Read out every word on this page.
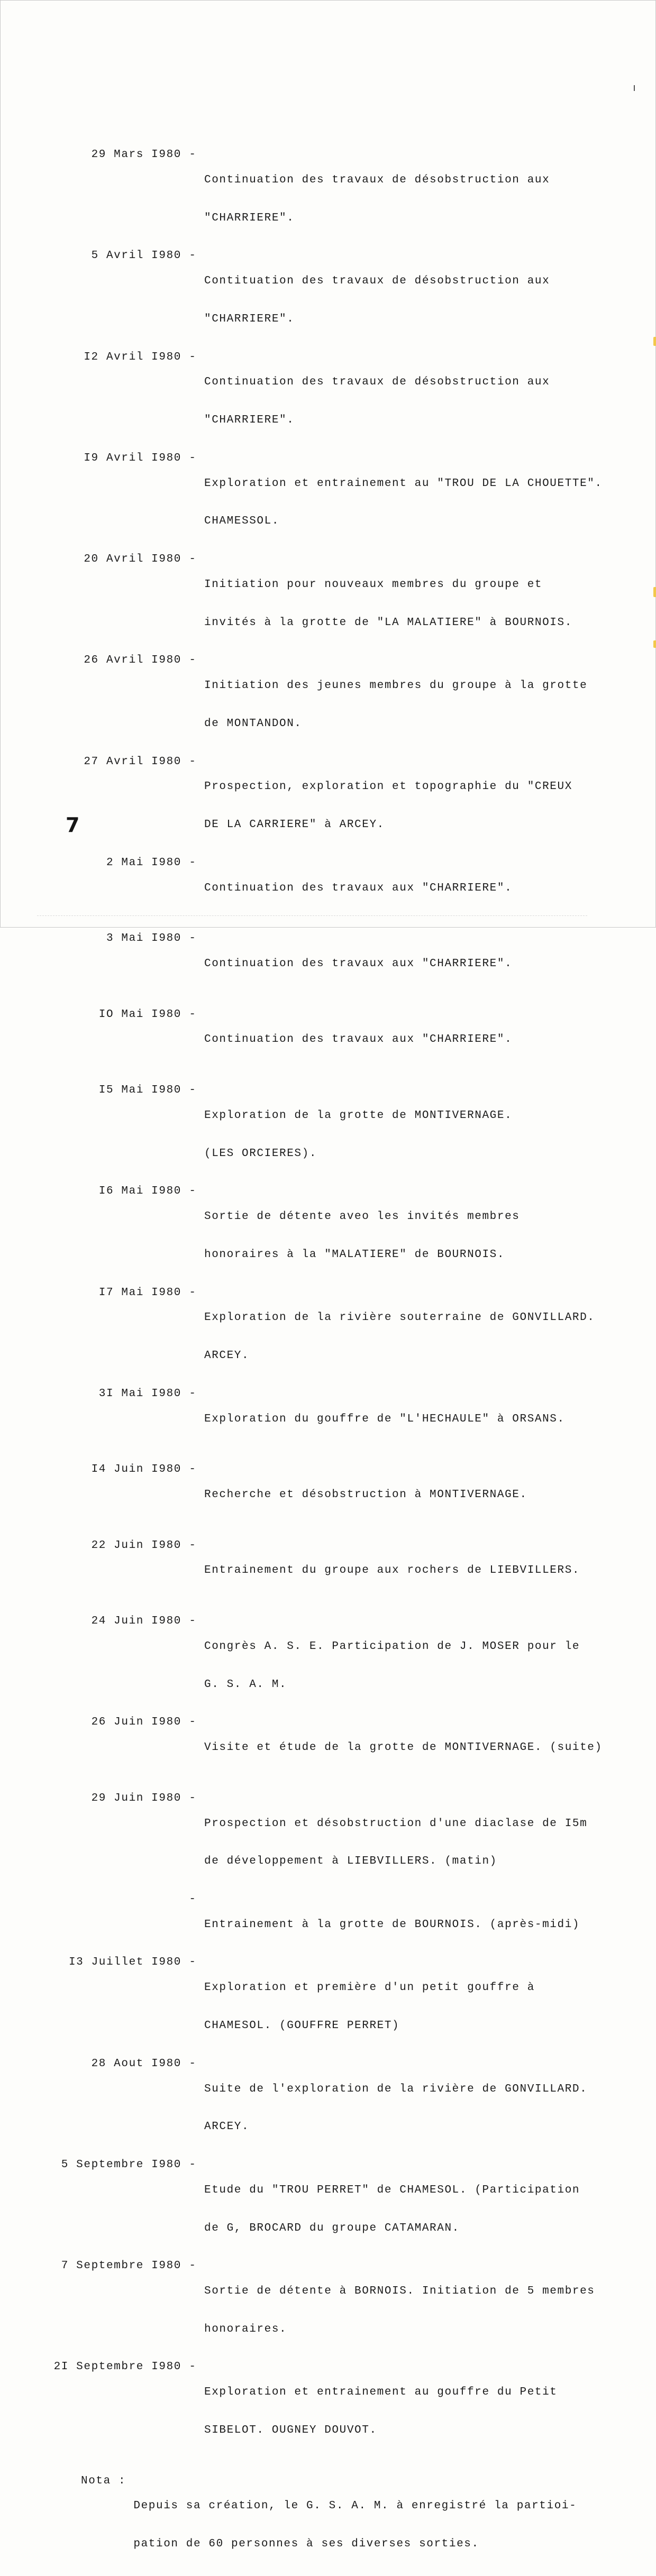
29 Mars I980 -

Continuation des travaux de désobstruction aux

"CHARRIERE".

5 Avril I980 -

Contituation des travaux de désobstruction aux

"CHARRIERE".

I2 Avril I980 -

Continuation des travaux de désobstruction aux

"CHARRIERE".

I9 Avril I980 -

Exploration et entrainement au "TROU DE LA CHOUETTE".

CHAMESSOL.

20 Avril I980 -

Initiation pour nouveaux membres du groupe et

invités à la grotte de "LA MALATIERE" à BOURNOIS.

26 Avril I980 -

Initiation des jeunes membres du groupe à la grotte

de MONTANDON.

27 Avril I980 -

Prospection, exploration et topographie du "CREUX

DE LA CARRIERE" à ARCEY.

2 Mai I980 -

Continuation des travaux aux "CHARRIERE".

3 Mai I980 -

Continuation des travaux aux "CHARRIERE".

IO Mai I980 -

Continuation des travaux aux "CHARRIERE".

I5 Mai I980 -

Exploration de la grotte de MONTIVERNAGE.

(LES ORCIERES).

I6 Mai I980 -

Sortie de détente aveo les invités membres

honoraires à la "MALATIERE" de BOURNOIS.

I7 Mai I980 -

Exploration de la rivière souterraine de GONVILLARD.

ARCEY.

3I Mai I980 -

Exploration du gouffre de "L'HECHAULE" à ORSANS.

I4 Juin I980 -

Recherche et désobstruction à MONTIVERNAGE.

22 Juin I980 -

Entrainement du groupe aux rochers de LIEBVILLERS.

24 Juin I980 -

Congrès A. S. E. Participation de J. MOSER pour le

G. S. A. M.

26 Juin I980 -

Visite et étude de la grotte de MONTIVERNAGE. (suite)

29 Juin I980 -

Prospection et désobstruction d'une diaclase de I5m

de développement à LIEBVILLERS. (matin)

-

Entrainement à la grotte de BOURNOIS. (après-midi)

I3 Juillet I980 -

Exploration et première d'un petit gouffre à

CHAMESOL. (GOUFFRE PERRET)

28 Aout I980 -

Suite de l'exploration de la rivière de GONVILLARD.

ARCEY.

5 Septembre I980 -

Etude du "TROU PERRET" de CHAMESOL. (Participation

de G, BROCARD du groupe CATAMARAN.

7 Septembre I980 -

Sortie de détente à BORNOIS. Initiation de 5 membres

honoraires.

2I Septembre I980 -

Exploration et entrainement au gouffre du Petit

SIBELOT. OUGNEY DOUVOT.

Nota :

Depuis sa création, le G. S. A. M. à enregistré la partioi-

pation de 60 personnes à ses diverses sorties.

7
